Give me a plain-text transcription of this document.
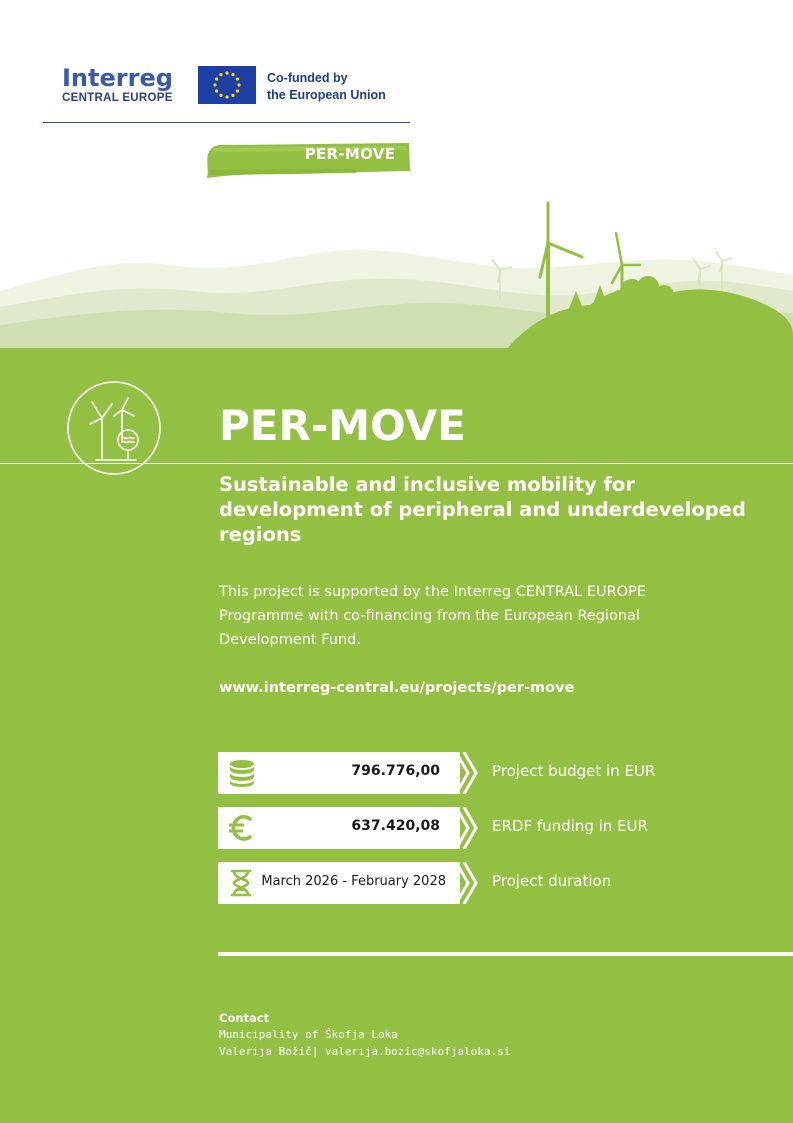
Interreg
CENTRAL EUROPE
Co-funded by
the European Union
PER-MOVE
PER-MOVE
Sustainable and inclusive mobility for development of peripheral and underdeveloped regions
This project is supported by the Interreg CENTRAL EUROPE Programme with co-financing from the European Regional Development Fund.
www.interreg-central.eu/projects/per-move
796.776,00	Project budget in EUR
637.420,08	ERDF funding in EUR
March 2026 - February 2028	Project duration
Contact
Municipality of Škofja Loka
Valerija Božič| valerija.bozic@skofjaloka.si
